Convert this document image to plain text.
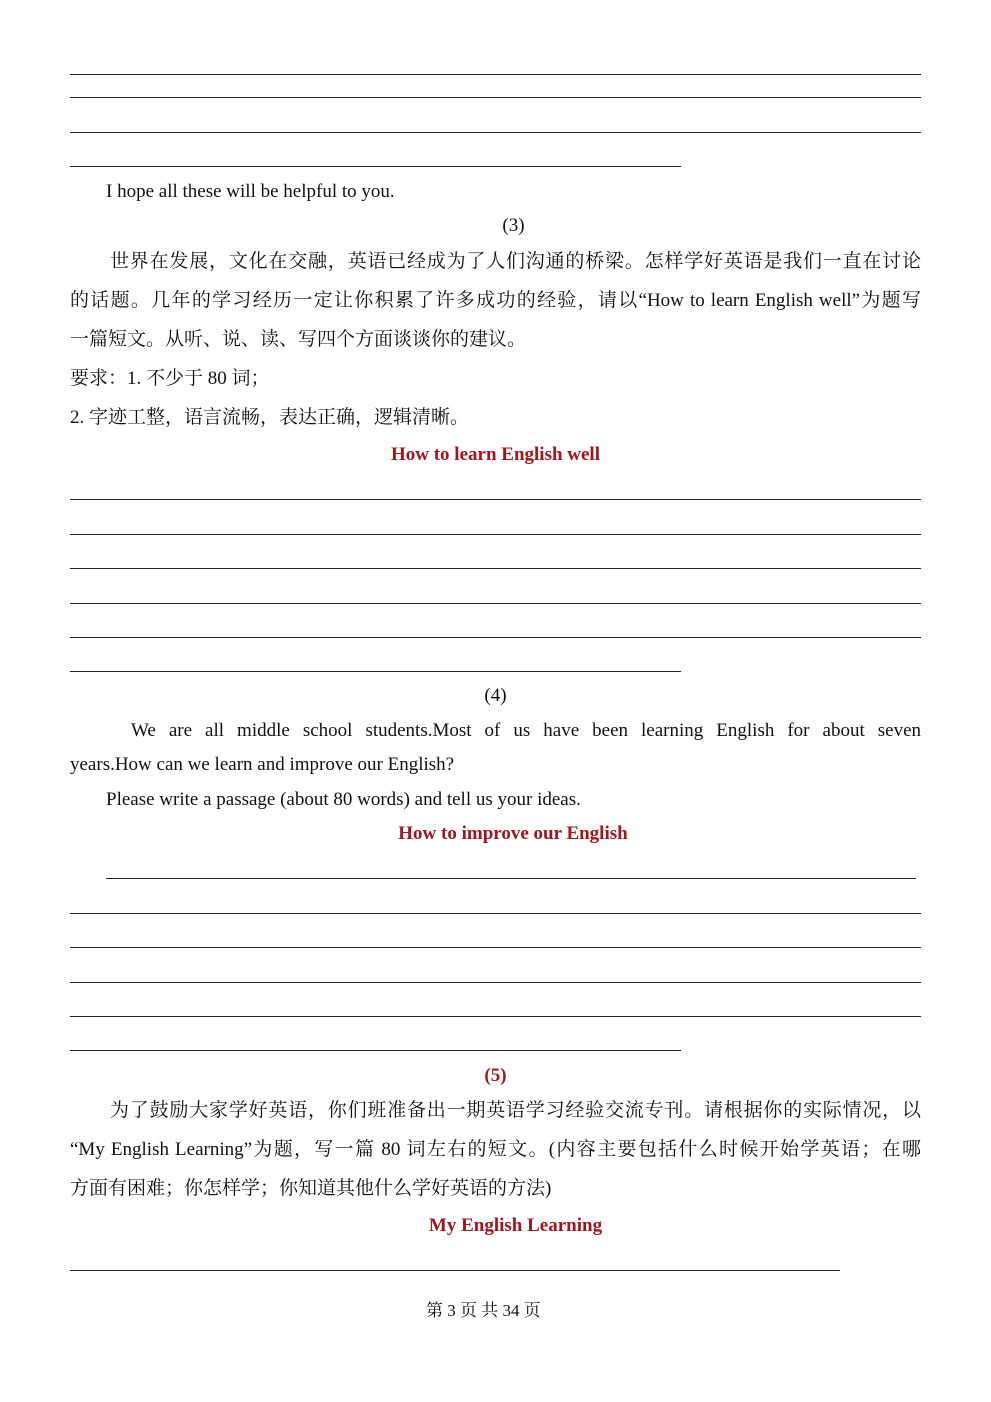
I hope all these will be helpful to you.
(3)
世界在发展，文化在交融，英语已经成为了人们沟通的桥梁。怎样学好英语是我们一直在讨论
的话题。几年的学习经历一定让你积累了许多成功的经验，请以“How to learn English well”为题写
一篇短文。从听、说、读、写四个方面谈谈你的建议。
要求：1. 不少于 80 词；
2. 字迹工整，语言流畅，表达正确，逻辑清晰。
How to learn English well
(4)
We are all middle school students.Most of us have been learning English for about seven
years.How can we learn and improve our English?
Please write a passage (about 80 words) and tell us your ideas.
How to improve our English
(5)
为了鼓励大家学好英语，你们班准备出一期英语学习经验交流专刊。请根据你的实际情况，以
“My English Learning”为题，写一篇 80 词左右的短文。(内容主要包括什么时候开始学英语；在哪
方面有困难；你怎样学；你知道其他什么学好英语的方法)
My English Learning
第 3 页 共 34 页
